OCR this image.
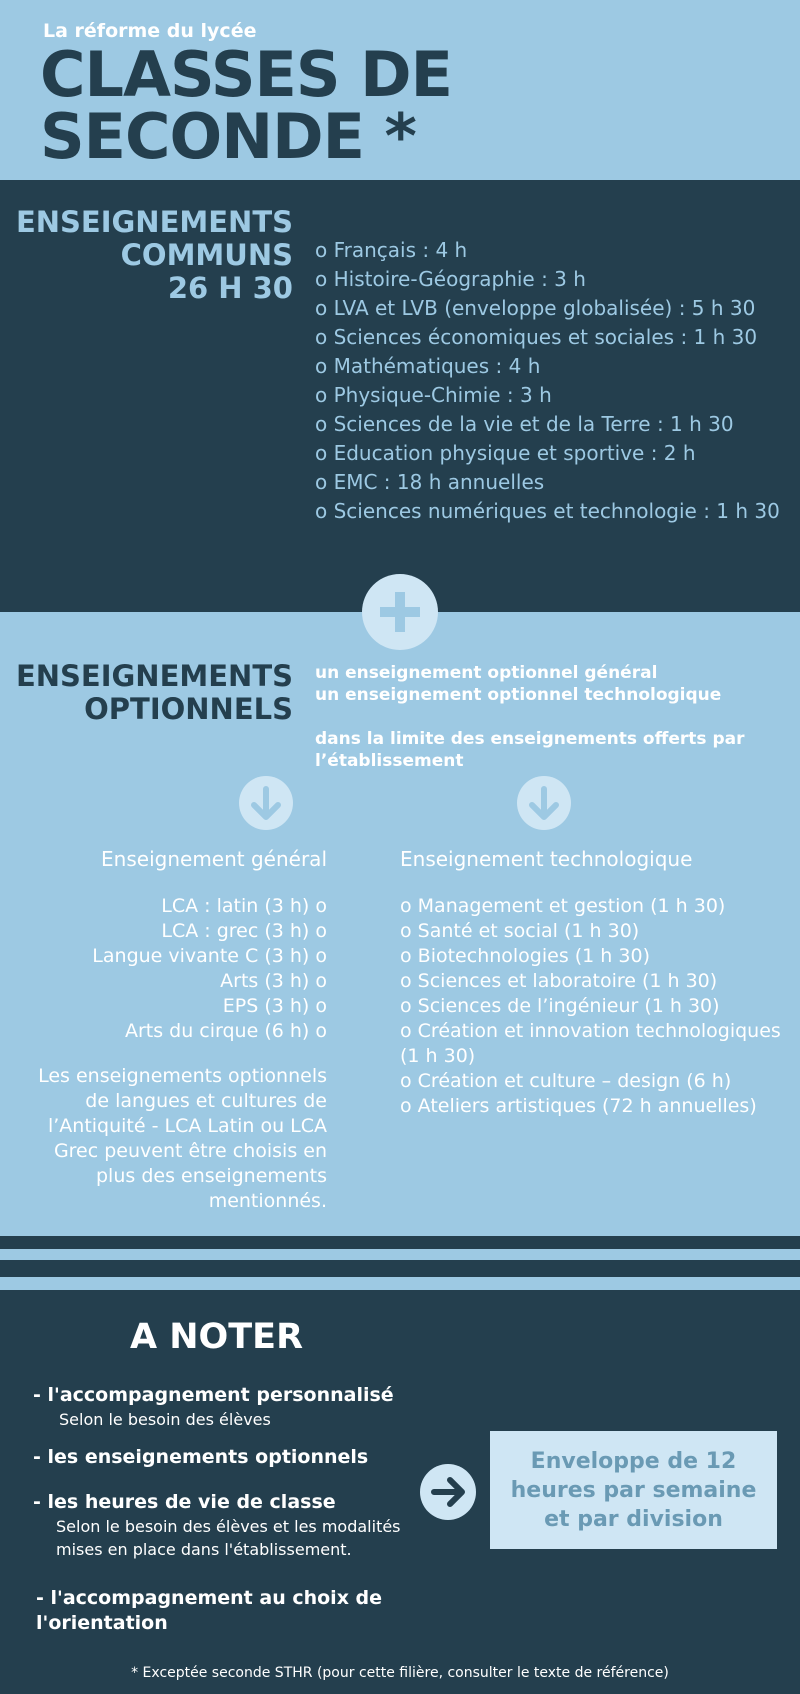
La réforme du lycée
CLASSES DE
SECONDE *
ENSEIGNEMENTS
COMMUNS
26 H 30
o Français : 4 h
o Histoire-Géographie : 3 h
o LVA et LVB (enveloppe globalisée) : 5 h 30
o Sciences économiques et sociales : 1 h 30
o Mathématiques : 4 h
o Physique-Chimie : 3 h
o Sciences de la vie et de la Terre : 1 h 30
o Education physique et sportive : 2 h
o EMC : 18 h annuelles
o Sciences numériques et technologie : 1 h 30
ENSEIGNEMENTS
OPTIONNELS

un enseignement optionnel général

un enseignement optionnel technologique

dans la limite des enseignements offerts par l’établissement

Enseignement général
LCA : latin (3 h) o
LCA : grec (3 h) o
Langue vivante C (3 h) o
Arts (3 h) o
EPS (3 h) o
Arts du cirque (6 h) o
Les enseignements optionnels de langues et cultures de l’Antiquité - LCA Latin ou LCA Grec peuvent être choisis en plus des enseignements mentionnés.
Enseignement technologique
o Management et gestion (1 h 30)
o Santé et social (1 h 30)
o Biotechnologies (1 h 30)
o Sciences et laboratoire (1 h 30)
o Sciences de l’ingénieur (1 h 30)
o Création et innovation technologiques (1 h 30)
o Création et culture – design (6 h)
o Ateliers artistiques (72 h annuelles)
A NOTER
- l'accompagnement personnalisé
Selon le besoin des élèves
- les enseignements optionnels
- les heures de vie de classe
Selon le besoin des élèves et les modalités
mises en place dans l'établissement.
- l'accompagnement au choix de l'orientation
Enveloppe de 12 heures par semaine et par division
* Exceptée seconde STHR (pour cette filière, consulter le texte de référence)
